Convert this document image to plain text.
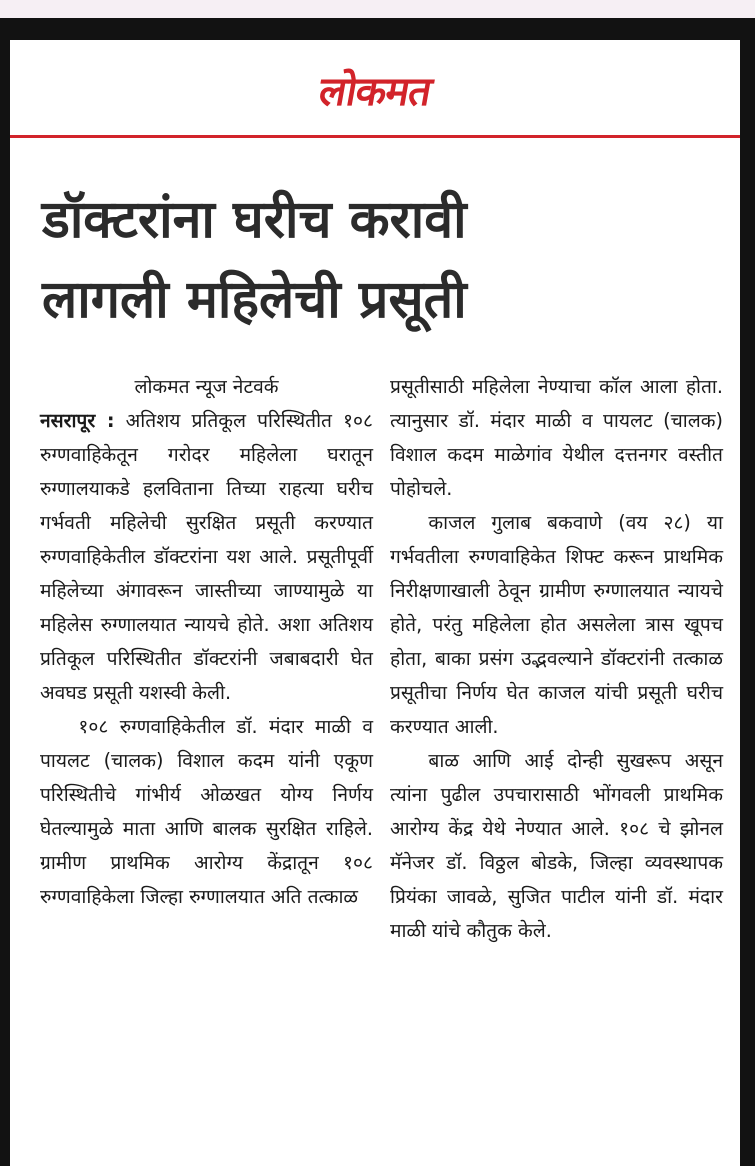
लोकमत
डॉक्टरांना घरीच करावी
लागली महिलेची प्रसूती

लोकमत न्यूज नेटवर्क

नसरापूर : अतिशय प्रतिकूल परिस्थितीत १०८ रुग्णवाहिकेतून गरोदर महिलेला घरातून रुग्णालयाकडे हलविताना तिच्या राहत्या घरीच गर्भवती महिलेची सुरक्षित प्रसूती करण्यात रुग्णवाहिकेतील डॉक्टरांना यश आले. प्रसूतीपूर्वी महिलेच्या अंगावरून जास्तीच्या जाण्यामुळे या महिलेस रुग्णालयात न्यायचे होते. अशा अतिशय प्रतिकूल परिस्थितीत डॉक्टरांनी जबाबदारी घेत अवघड प्रसूती यशस्वी केली.

१०८ रुग्णवाहिकेतील डॉ. मंदार माळी व पायलट (चालक) विशाल कदम यांनी एकूण परिस्थितीचे गांभीर्य ओळखत योग्य निर्णय घेतल्यामुळे माता आणि बालक सुरक्षित राहिले. ग्रामीण प्राथमिक आरोग्य केंद्रातून १०८ रुग्णवाहिकेला जिल्हा रुग्णालयात अति तत्काळ

प्रसूतीसाठी महिलेला नेण्याचा कॉल आला होता. त्यानुसार डॉ. मंदार माळी व पायलट (चालक) विशाल कदम माळेगांव येथील दत्तनगर वस्तीत पोहोचले.

काजल गुलाब बकवाणे (वय २८) या गर्भवतीला रुग्णवाहिकेत शिफ्ट करून प्राथमिक निरीक्षणाखाली ठेवून ग्रामीण रुग्णालयात न्यायचे होते, परंतु महिलेला होत असलेला त्रास खूपच होता, बाका प्रसंग उद्भवल्याने डॉक्टरांनी तत्काळ प्रसूतीचा निर्णय घेत काजल यांची प्रसूती घरीच करण्यात आली.

बाळ आणि आई दोन्ही सुखरूप असून त्यांना पुढील उपचारासाठी भोंगवली प्राथमिक आरोग्य केंद्र येथे नेण्यात आले. १०८ चे झोनल मॅनेजर डॉ. विठ्ठल बोडके, जिल्हा व्यवस्थापक प्रियंका जावळे, सुजित पाटील यांनी डॉ. मंदार माळी यांचे कौतुक केले.
